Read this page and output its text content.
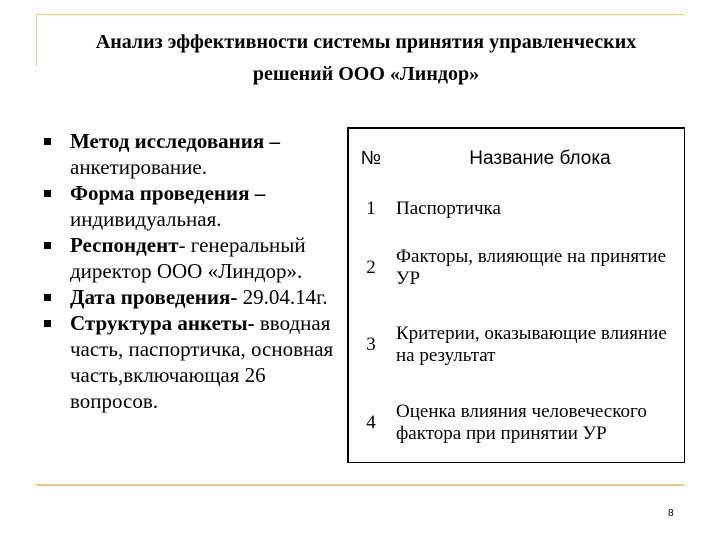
Анализ эффективности системы принятия управленческих решений ООО «Линдор»
Метод исследования – анкетирование.
Форма проведения – индивидуальная.
Респондент- генеральный директор ООО «Линдор».
Дата проведения- 29.04.14г.
Структура анкеты- вводная часть, паспортичка, основная часть,включающая 26 вопросов.
№	Название блока
1	Паспортичка
2	Факторы, влияющие на принятие УР
3	Критерии, оказывающие влияние на результат
4	Оценка влияния человеческого фактора при принятии УР
8
